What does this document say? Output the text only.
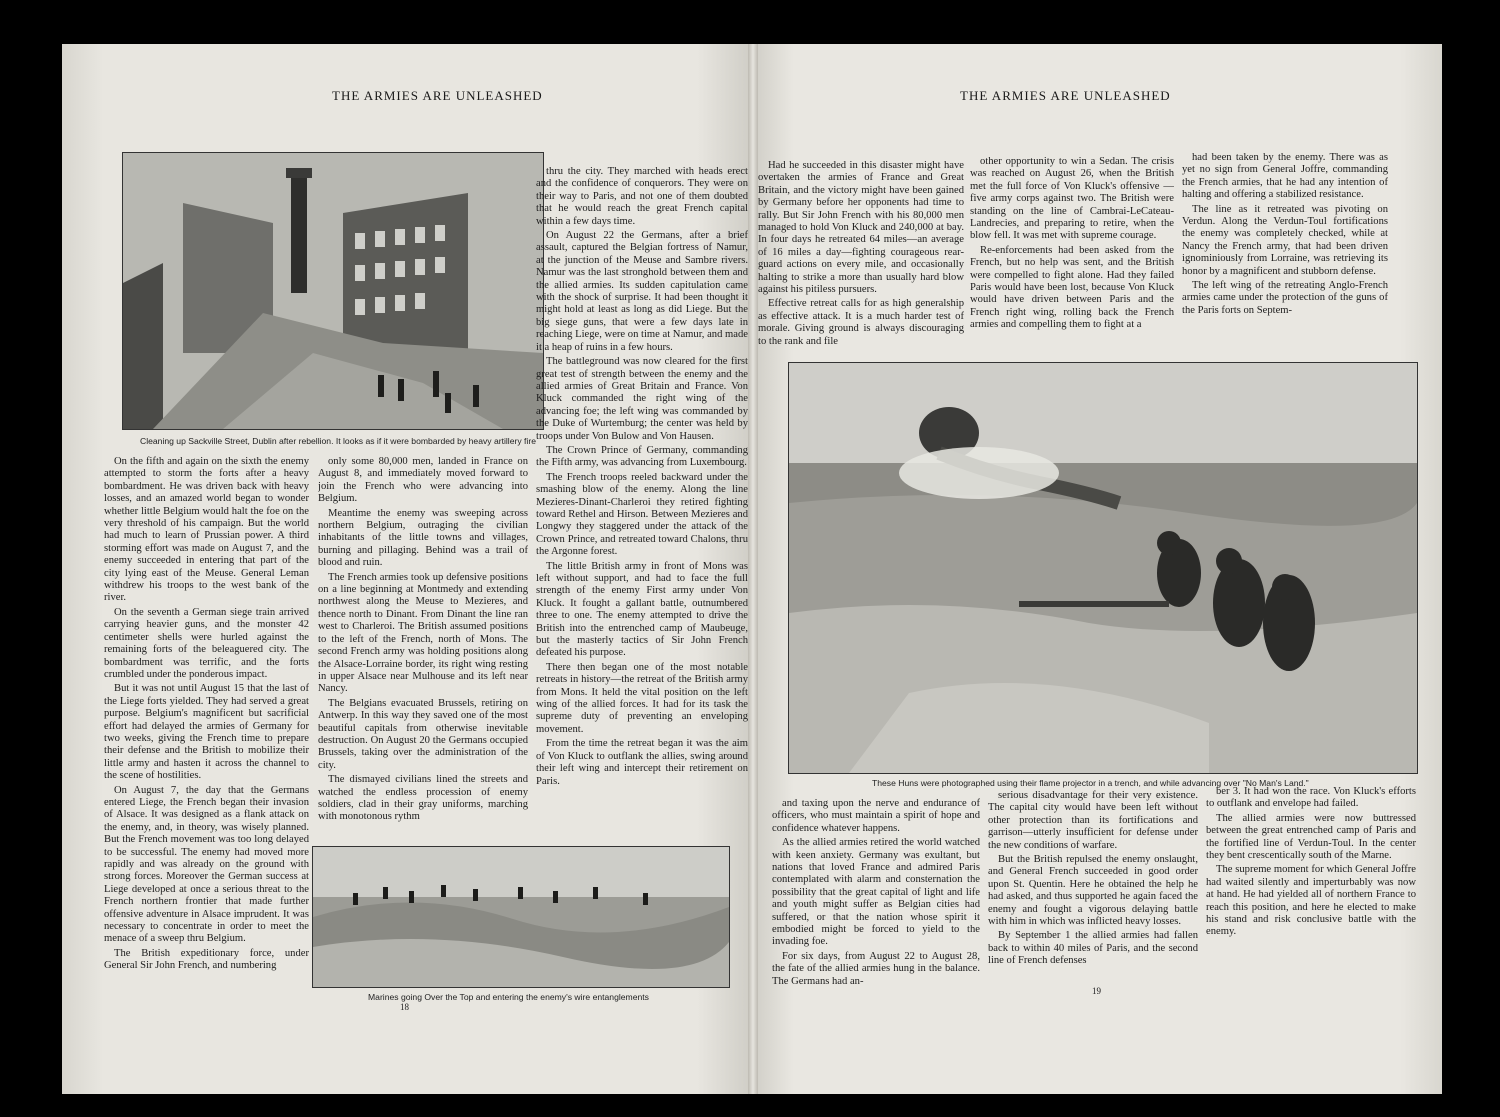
THE ARMIES ARE UNLEASHED
Cleaning up Sackville Street, Dublin after rebellion. It looks as if it were bombarded by heavy artillery fire

On the fifth and again on the sixth the enemy attempted to storm the forts after a heavy bombardment. He was driven back with heavy losses, and an amazed world began to wonder whether little Belgium would halt the foe on the very threshold of his campaign. But the world had much to learn of Prussian power. A third storming effort was made on August 7, and the enemy succeeded in entering that part of the city lying east of the Meuse. General Leman withdrew his troops to the west bank of the river.

On the seventh a German siege train arrived carrying heavier guns, and the monster 42 centimeter shells were hurled against the remaining forts of the beleaguered city. The bombardment was terrific, and the forts crumbled under the ponderous impact.

But it was not until August 15 that the last of the Liege forts yielded. They had served a great purpose. Belgium's magnificent but sacrificial effort had delayed the armies of Germany for two weeks, giving the French time to prepare their defense and the British to mobilize their little army and hasten it across the channel to the scene of hostilities.

On August 7, the day that the Germans entered Liege, the French began their invasion of Alsace. It was designed as a flank attack on the enemy, and, in theory, was wisely planned. But the French movement was too long delayed to be successful. The enemy had moved more rapidly and was already on the ground with strong forces. Moreover the German success at Liege developed at once a serious threat to the French northern frontier that made further offensive adventure in Alsace imprudent. It was necessary to concentrate in order to meet the menace of a sweep thru Belgium.

The British expeditionary force, under General Sir John French, and numbering

only some 80,000 men, landed in France on August 8, and immediately moved forward to join the French who were advancing into Belgium.

Meantime the enemy was sweeping across northern Belgium, outraging the civilian inhabitants of the little towns and villages, burning and pillaging. Behind was a trail of blood and ruin.

The French armies took up defensive positions on a line beginning at Montmedy and extending northwest along the Meuse to Mezieres, and thence north to Dinant. From Dinant the line ran west to Charleroi. The British assumed positions to the left of the French, north of Mons. The second French army was holding positions along the Alsace-Lorraine border, its right wing resting in upper Alsace near Mulhouse and its left near Nancy.

The Belgians evacuated Brussels, retiring on Antwerp. In this way they saved one of the most beautiful capitals from otherwise inevitable destruction. On August 20 the Germans occupied Brussels, taking over the administration of the city.

The dismayed civilians lined the streets and watched the endless procession of enemy soldiers, clad in their gray uniforms, marching with monotonous rythm

thru the city. They marched with heads erect and the confidence of conquerors. They were on their way to Paris, and not one of them doubted that he would reach the great French capital within a few days time.

On August 22 the Germans, after a brief assault, captured the Belgian fortress of Namur, at the junction of the Meuse and Sambre rivers. Namur was the last stronghold between them and the allied armies. Its sudden capitulation came with the shock of surprise. It had been thought it might hold at least as long as did Liege. But the big siege guns, that were a few days late in reaching Liege, were on time at Namur, and made it a heap of ruins in a few hours.

The battleground was now cleared for the first great test of strength between the enemy and the allied armies of Great Britain and France. Von Kluck commanded the right wing of the advancing foe; the left wing was commanded by the Duke of Wurtemburg; the center was held by troops under Von Bulow and Von Hausen.

The Crown Prince of Germany, commanding the Fifth army, was advancing from Luxembourg.

The French troops reeled backward under the smashing blow of the enemy. Along the line Mezieres-Dinant-Charleroi they retired fighting toward Rethel and Hirson. Between Mezieres and Longwy they staggered under the attack of the Crown Prince, and retreated toward Chalons, thru the Argonne forest.

The little British army in front of Mons was left without support, and had to face the full strength of the enemy First army under Von Kluck. It fought a gallant battle, outnumbered three to one. The enemy attempted to drive the British into the entrenched camp of Maubeuge, but the masterly tactics of Sir John French defeated his purpose.

There then began one of the most notable retreats in history—the retreat of the British army from Mons. It held the vital position on the left wing of the allied forces. It had for its task the supreme duty of preventing an enveloping movement.

From the time the retreat began it was the aim of Von Kluck to outflank the allies, swing around their left wing and intercept their retirement on Paris.

Marines going Over the Top and entering the enemy's wire entanglements
18
THE ARMIES ARE UNLEASHED

Had he succeeded in this disaster might have overtaken the armies of France and Great Britain, and the victory might have been gained by Germany before her opponents had time to rally. But Sir John French with his 80,000 men managed to hold Von Kluck and 240,000 at bay. In four days he retreated 64 miles—an average of 16 miles a day—fighting courageous rear-guard actions on every mile, and occasionally halting to strike a more than usually hard blow against his pitiless pursuers.

Effective retreat calls for as high generalship as effective attack. It is a much harder test of morale. Giving ground is always discouraging to the rank and file

other opportunity to win a Sedan. The crisis was reached on August 26, when the British met the full force of Von Kluck's offensive — five army corps against two. The British were standing on the line of Cambrai-LeCateau-Landrecies, and preparing to retire, when the blow fell. It was met with supreme courage.

Re-enforcements had been asked from the French, but no help was sent, and the British were compelled to fight alone. Had they failed Paris would have been lost, because Von Kluck would have driven between Paris and the French right wing, rolling back the French armies and compelling them to fight at a

had been taken by the enemy. There was as yet no sign from General Joffre, commanding the French armies, that he had any intention of halting and offering a stabilized resistance.

The line as it retreated was pivoting on Verdun. Along the Verdun-Toul fortifications the enemy was completely checked, while at Nancy the French army, that had been driven ignominiously from Lorraine, was retrieving its honor by a magnificent and stubborn defense.

The left wing of the retreating Anglo-French armies came under the protection of the guns of the Paris forts on Septem-

These Huns were photographed using their flame projector in a trench, and while advancing over "No Man's Land."

and taxing upon the nerve and endurance of officers, who must maintain a spirit of hope and confidence whatever happens.

As the allied armies retired the world watched with keen anxiety. Germany was exultant, but nations that loved France and admired Paris contemplated with alarm and consternation the possibility that the great capital of light and life and youth might suffer as Belgian cities had suffered, or that the nation whose spirit it embodied might be forced to yield to the invading foe.

For six days, from August 22 to August 28, the fate of the allied armies hung in the balance. The Germans had an-

serious disadvantage for their very existence. The capital city would have been left without other protection than its fortifications and garrison—utterly insufficient for defense under the new conditions of warfare.

But the British repulsed the enemy onslaught, and General French succeeded in good order upon St. Quentin. Here he obtained the help he had asked, and thus supported he again faced the enemy and fought a vigorous delaying battle with him in which was inflicted heavy losses.

By September 1 the allied armies had fallen back to within 40 miles of Paris, and the second line of French defenses

ber 3. It had won the race. Von Kluck's efforts to outflank and envelope had failed.

The allied armies were now buttressed between the great entrenched camp of Paris and the fortified line of Verdun-Toul. In the center they bent crescentically south of the Marne.

The supreme moment for which General Joffre had waited silently and imperturbably was now at hand. He had yielded all of northern France to reach this position, and here he elected to make his stand and risk conclusive battle with the enemy.

19
